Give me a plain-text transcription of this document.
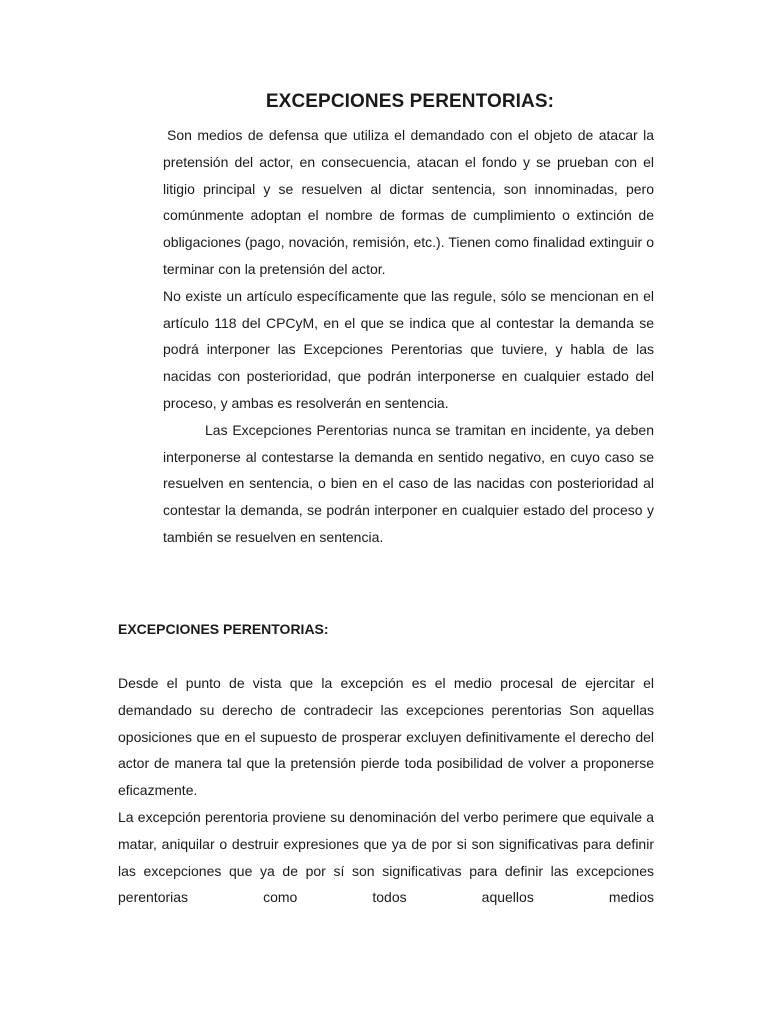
EXCEPCIONES PERENTORIAS:

Son medios de defensa que utiliza el demandado con el objeto de atacar la pretensión del actor, en consecuencia, atacan el fondo y se prueban con el litigio principal y se resuelven al dictar sentencia, son innominadas, pero comúnmente adoptan el nombre de formas de cumplimiento o extinción de obligaciones (pago, novación, remisión, etc.). Tienen como finalidad extinguir o terminar con la pretensión del actor.

No existe un artículo específicamente que las regule, sólo se mencionan en el artículo 118 del CPCyM, en el que se indica que al contestar la demanda se podrá interponer las Excepciones Perentorias que tuviere, y habla de las nacidas con posterioridad, que podrán interponerse en cualquier estado del proceso, y ambas es resolverán en sentencia.

Las Excepciones Perentorias nunca se tramitan en incidente, ya deben interponerse al contestarse la demanda en sentido negativo, en cuyo caso se resuelven en sentencia, o bien en el caso de las nacidas con posterioridad al contestar la demanda, se podrán interponer en cualquier estado del proceso y también se resuelven en sentencia.

EXCEPCIONES PERENTORIAS:

Desde el punto de vista que la excepción es el medio procesal de ejercitar el demandado su derecho de contradecir las excepciones perentorias Son aquellas oposiciones que en el supuesto de prosperar excluyen definitivamente el derecho del actor de manera tal que la pretensión pierde toda posibilidad de volver a proponerse eficazmente.

La excepción perentoria proviene su denominación del verbo perimere que equivale a matar, aniquilar o destruir expresiones que ya de por si son significativas para definir las excepciones que ya de por sí son significativas para definir las excepciones perentorias como todos aquellos medios
